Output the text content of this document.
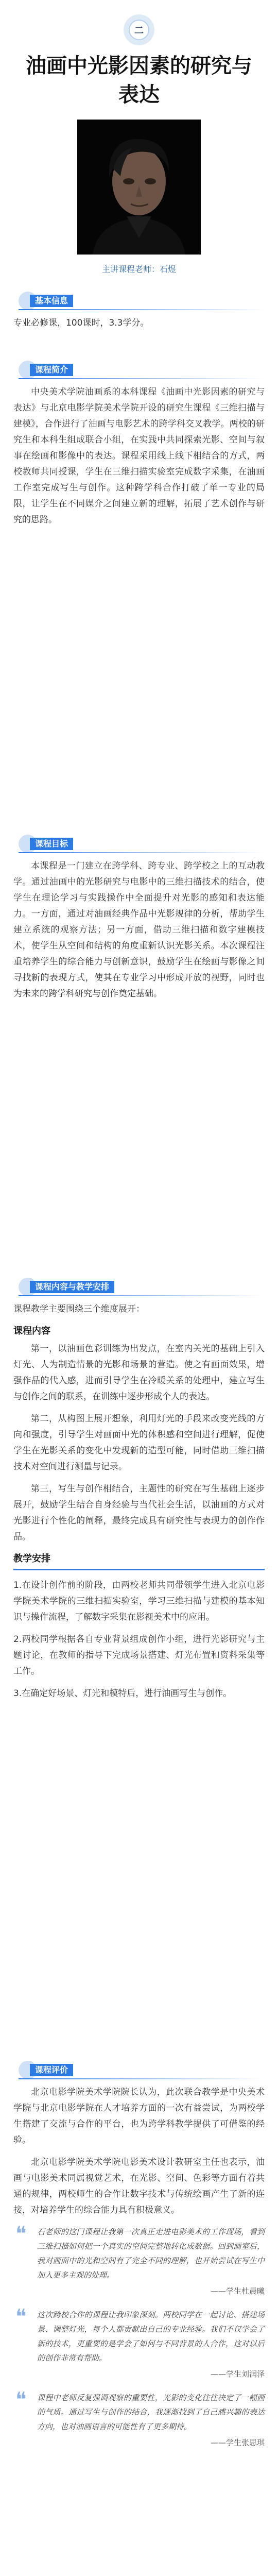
二
油画中光影因素的研究与表达
主讲课程老师：石煜
基本信息

专业必修课，100课时，3.3学分。

课程简介

中央美术学院油画系的本科课程《油画中光影因素的研究与表达》与北京电影学院美术学院开设的研究生课程《三维扫描与建模》，合作进行了油画与电影艺术的跨学科交叉教学。两校的研究生和本科生组成联合小组，在实践中共同探索光影、空间与叙事在绘画和影像中的表达。课程采用线上线下相结合的方式，两校教师共同授课，学生在三维扫描实验室完成数字采集，在油画工作室完成写生与创作。这种跨学科合作打破了单一专业的局限，让学生在不同媒介之间建立新的理解，拓展了艺术创作与研究的思路。

课程目标

本课程是一门建立在跨学科、跨专业、跨学校之上的互动教学。通过油画中的光影研究与电影中的三维扫描技术的结合，使学生在理论学习与实践操作中全面提升对光影的感知和表达能力。一方面，通过对油画经典作品中光影规律的分析，帮助学生建立系统的观察方法；另一方面，借助三维扫描和数字建模技术，使学生从空间和结构的角度重新认识光影关系。本次课程注重培养学生的综合能力与创新意识，鼓励学生在绘画与影像之间寻找新的表现方式，使其在专业学习中形成开放的视野，同时也为未来的跨学科研究与创作奠定基础。

课程内容与教学安排

课程教学主要围绕三个维度展开：

课程内容

第一，以油画色彩训练为出发点，在室内关光的基础上引入灯光、人为制造情景的光影和场景的营造。使之有画面效果，增强作品的代入感，进而引导学生在冷暖关系的处理中，建立写生与创作之间的联系，在训练中逐步形成个人的表达。

第二，从构图上展开想象，利用灯光的手段来改变光线的方向和强度，引导学生对画面中光的体积感和空间进行理解，促使学生在光影关系的变化中发现新的造型可能，同时借助三维扫描技术对空间进行测量与记录。

第三，写生与创作相结合，主题性的研究在写生基础上逐步展开，鼓励学生结合自身经验与当代社会生活，以油画的方式对光影进行个性化的阐释，最终完成具有研究性与表现力的创作作品。

教学安排

1.在设计创作前的阶段，由两校老师共同带领学生进入北京电影学院美术学院的三维扫描实验室，学习三维扫描与建模的基本知识与操作流程，了解数字采集在影视美术中的应用。

2.两校同学根据各自专业背景组成创作小组，进行光影研究与主题讨论，在教师的指导下完成场景搭建、灯光布置和资料采集等工作。

3.在确定好场景、灯光和模特后，进行油画写生与创作。

课程评价

北京电影学院美术学院院长认为，此次联合教学是中央美术学院与北京电影学院在人才培养方面的一次有益尝试，为两校学生搭建了交流与合作的平台，也为跨学科教学提供了可借鉴的经验。

北京电影学院美术学院电影美术设计教研室主任也表示，油画与电影美术同属视觉艺术，在光影、空间、色彩等方面有着共通的规律，两校师生的合作让数字技术与传统绘画产生了新的连接，对培养学生的综合能力具有积极意义。

❝ 石老师的这门课程让我第一次真正走进电影美术的工作现场，看到三维扫描如何把一个真实的空间完整地转化成数据。回到画室后，我对画面中的光和空间有了完全不同的理解，也开始尝试在写生中加入更多主观的处理。
——学生杜晨曦
❝ 这次跨校合作的课程让我印象深刻。两校同学在一起讨论、搭建场景、调整灯光，每个人都贡献出自己的专业经验。我们不仅学会了新的技术，更重要的是学会了如何与不同背景的人合作，这对以后的创作非常有帮助。
——学生刘润泽
❝ 课程中老师反复强调观察的重要性，光影的变化往往决定了一幅画的气质。通过写生与创作的结合，我逐渐找到了自己感兴趣的表达方向，也对油画语言的可能性有了更多期待。
——学生张思琪
